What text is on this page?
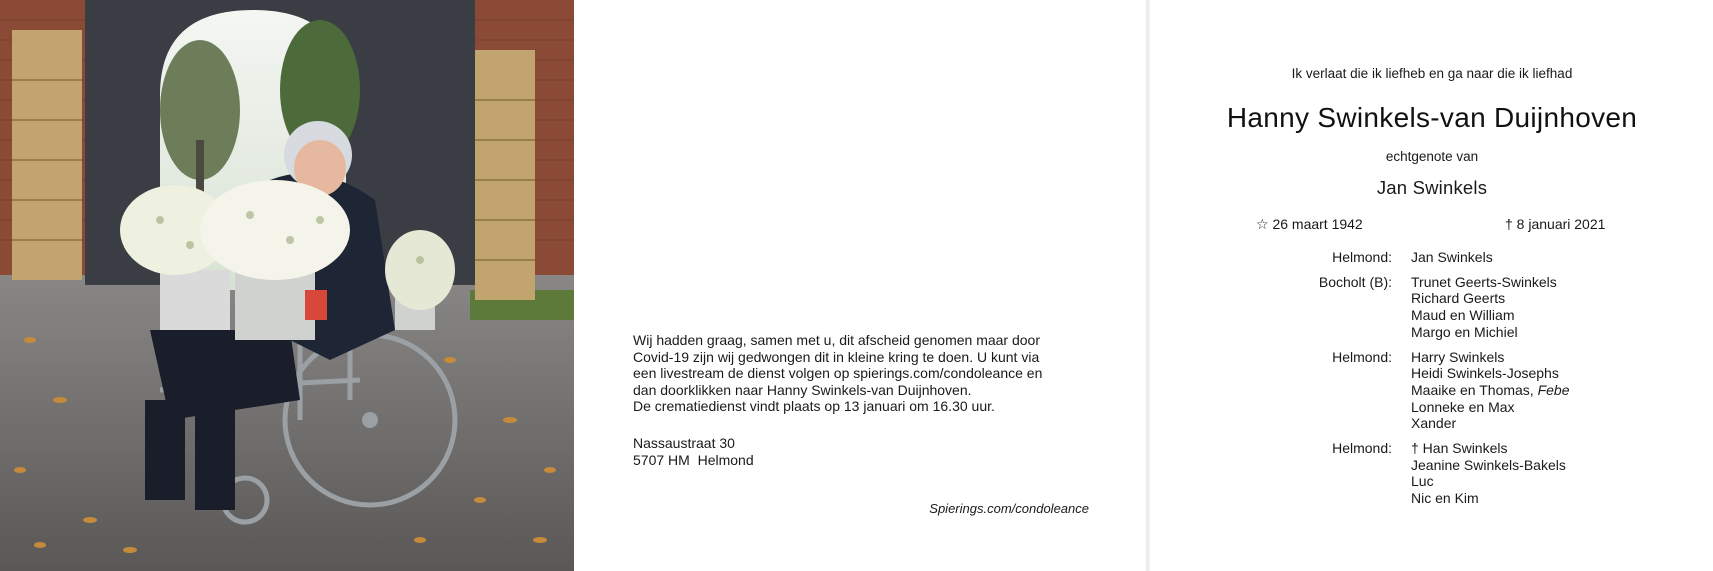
Wij hadden graag, samen met u, dit afscheid genomen maar door

Covid-19 zijn wij gedwongen dit in kleine kring te doen. U kunt via

een livestream de dienst volgen op spierings.com/condoleance en

dan doorklikken naar Hanny Swinkels-van Duijnhoven.

De crematiedienst vindt plaats op 13 januari om 16.30 uur.

Nassaustraat 30
5707 HM  Helmond
Spierings.com/condoleance
Ik verlaat die ik liefheb en ga naar die ik liefhad
Hanny Swinkels-van Duijnhoven
echtgenote van
Jan Swinkels
☆ 26 maart 1942	† 8 januari 2021
Helmond:	Jan Swinkels
Bocholt (B):	Trunet Geerts-Swinkels
Richard Geerts
Maud en William
Margo en Michiel
Helmond:	Harry Swinkels
Heidi Swinkels-Josephs
Maaike en Thomas, Febe
Lonneke en Max
Xander
Helmond:	† Han Swinkels
Jeanine Swinkels-Bakels
Luc
Nic en Kim
